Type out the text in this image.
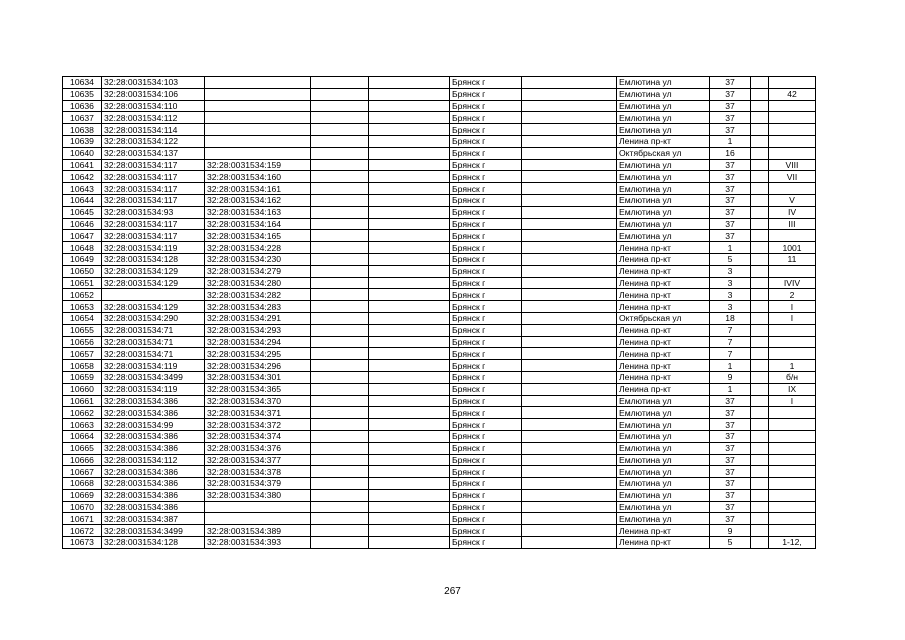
10634	32:28:0031534:103				Брянск г		Емлютина ул	37		
10635	32:28:0031534:106				Брянск г		Емлютина ул	37		42
10636	32:28:0031534:110				Брянск г		Емлютина ул	37		
10637	32:28:0031534:112				Брянск г		Емлютина ул	37		
10638	32:28:0031534:114				Брянск г		Емлютина ул	37		
10639	32:28:0031534:122				Брянск г		Ленина пр-кт	1		
10640	32:28:0031534:137				Брянск г		Октябрьская ул	16		
10641	32:28:0031534:117	32:28:0031534:159			Брянск г		Емлютина ул	37		VIII
10642	32:28:0031534:117	32:28:0031534:160			Брянск г		Емлютина ул	37		VII
10643	32:28:0031534:117	32:28:0031534:161			Брянск г		Емлютина ул	37		
10644	32:28:0031534:117	32:28:0031534:162			Брянск г		Емлютина ул	37		V
10645	32:28:0031534:93	32:28:0031534:163			Брянск г		Емлютина ул	37		IV
10646	32:28:0031534:117	32:28:0031534:164			Брянск г		Емлютина ул	37		III
10647	32:28:0031534:117	32:28:0031534:165			Брянск г		Емлютина ул	37		
10648	32:28:0031534:119	32:28:0031534:228			Брянск г		Ленина пр-кт	1		1001
10649	32:28:0031534:128	32:28:0031534:230			Брянск г		Ленина пр-кт	5		11
10650	32:28:0031534:129	32:28:0031534:279			Брянск г		Ленина пр-кт	3		
10651	32:28:0031534:129	32:28:0031534:280			Брянск г		Ленина пр-кт	3		IVIV
10652		32:28:0031534:282			Брянск г		Ленина пр-кт	3		2
10653	32:28:0031534:129	32:28:0031534:283			Брянск г		Ленина пр-кт	3		I
10654	32:28:0031534:290	32:28:0031534:291			Брянск г		Октябрьская ул	18		I
10655	32:28:0031534:71	32:28:0031534:293			Брянск г		Ленина пр-кт	7		
10656	32:28:0031534:71	32:28:0031534:294			Брянск г		Ленина пр-кт	7		
10657	32:28:0031534:71	32:28:0031534:295			Брянск г		Ленина пр-кт	7		
10658	32:28:0031534:119	32:28:0031534:296			Брянск г		Ленина пр-кт	1		1
10659	32:28:0031534:3499	32:28:0031534:301			Брянск г		Ленина пр-кт	9		б/н
10660	32:28:0031534:119	32:28:0031534:365			Брянск г		Ленина пр-кт	1		IX
10661	32:28:0031534:386	32:28:0031534:370			Брянск г		Емлютина ул	37		I
10662	32:28:0031534:386	32:28:0031534:371			Брянск г		Емлютина ул	37		
10663	32:28:0031534:99	32:28:0031534:372			Брянск г		Емлютина ул	37		
10664	32:28:0031534:386	32:28:0031534:374			Брянск г		Емлютина ул	37		
10665	32:28:0031534:386	32:28:0031534:376			Брянск г		Емлютина ул	37		
10666	32:28:0031534:112	32:28:0031534:377			Брянск г		Емлютина ул	37		
10667	32:28:0031534:386	32:28:0031534:378			Брянск г		Емлютина ул	37		
10668	32:28:0031534:386	32:28:0031534:379			Брянск г		Емлютина ул	37		
10669	32:28:0031534:386	32:28:0031534:380			Брянск г		Емлютина ул	37		
10670	32:28:0031534:386				Брянск г		Емлютина ул	37		
10671	32:28:0031534:387				Брянск г		Емлютина ул	37		
10672	32:28:0031534:3499	32:28:0031534:389			Брянск г		Ленина пр-кт	9		
10673	32:28:0031534:128	32:28:0031534:393			Брянск г		Ленина пр-кт	5		1-12,
267
